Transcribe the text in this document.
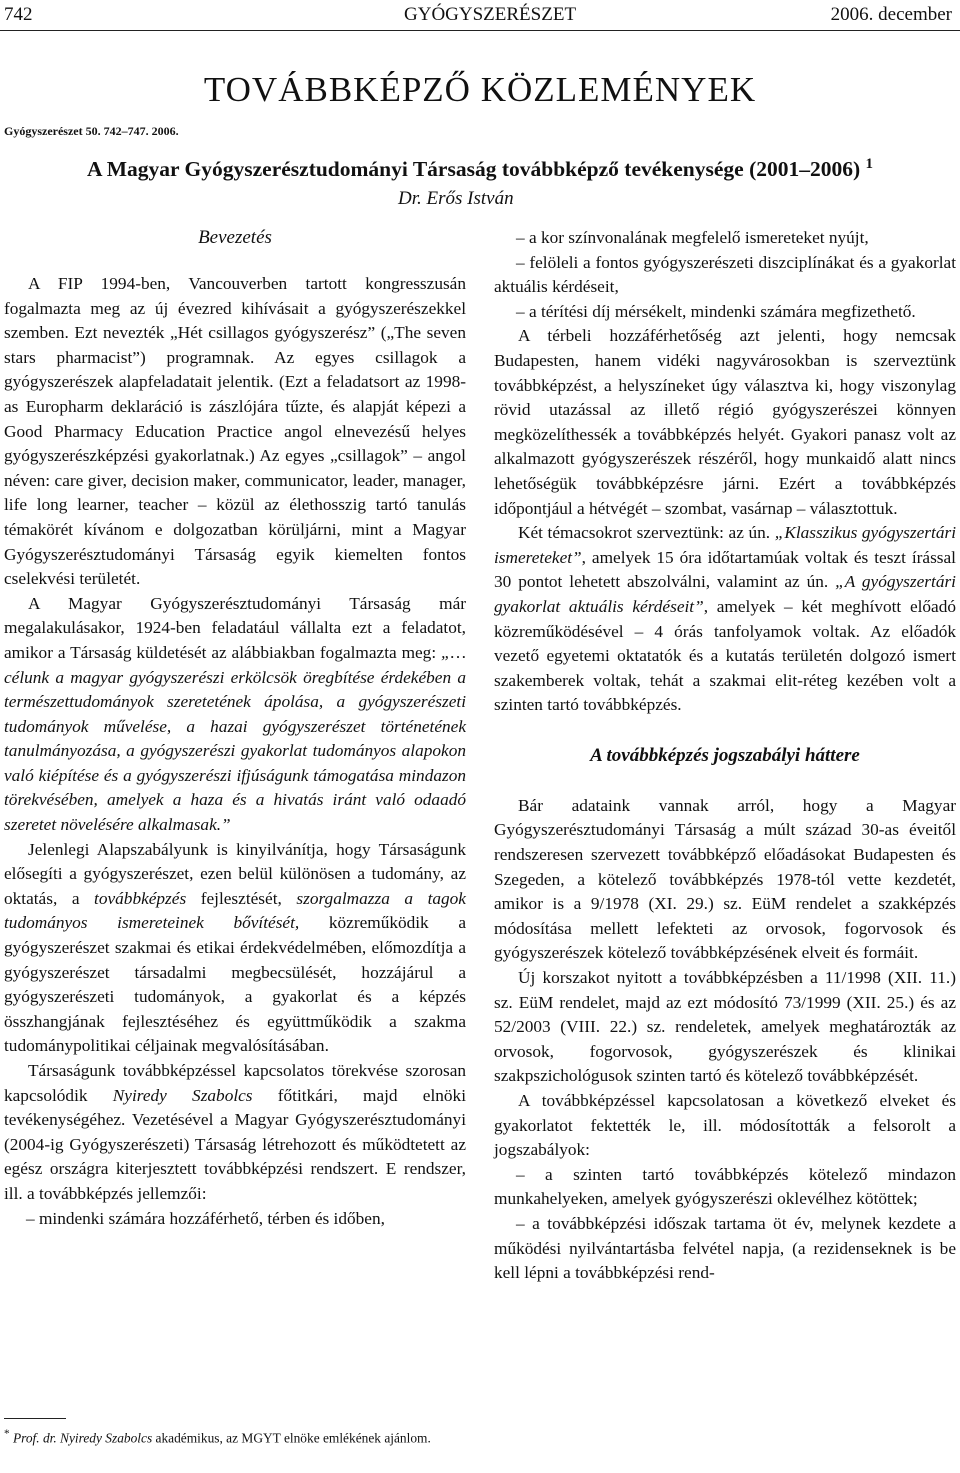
742	GYÓGYSZERÉSZET	2006. december
TOVÁBBKÉPZŐ KÖZLEMÉNYEK
Gyógyszerészet 50. 742–747. 2006.
A Magyar Gyógyszerésztudományi Társaság továbbképző tevékenysége (2001–2006) $^1$
Dr. Erős István
Bevezetés

A FIP 1994-ben, Vancouverben tartott kongresszusán fogalmazta meg az új évezred kihívásait a gyógyszerészekkel szemben. Ezt nevezték „Hét csillagos gyógyszerész” („The seven stars pharmacist”) programnak. Az egyes csillagok a gyógyszerészek alapfeladatait jelentik. (Ezt a feladatsort az 1998-as Europharm deklaráció is zászlójára tűzte, és alapját képezi a Good Pharmacy Education Practice angol elnevezésű helyes gyógyszerészképzési gyakorlatnak.) Az egyes „csillagok” – angol néven: care giver, decision maker, communicator, leader, manager, life long learner, teacher – közül az élethosszig tartó tanulás témakörét kívánom e dolgozatban körüljárni, mint a Magyar Gyógyszerésztudományi Társaság egyik kiemelten fontos cselekvési területét.

A Magyar Gyógyszerésztudományi Társaság már megalakulásakor, 1924-ben feladatául vállalta ezt a feladatot, amikor a Társaság küldetését az alábbiakban fogalmazta meg: „…célunk a magyar gyógyszerészi erkölcsök öregbítése érdekében a természettudományok szeretetének ápolása, a gyógyszerészeti tudományok művelése, a hazai gyógyszerészet történetének tanulmányozása, a gyógyszerészi gyakorlat tudományos alapokon való kiépítése és a gyógyszerészi ifjúságunk támogatása mindazon törekvésében, amelyek a haza és a hivatás iránt való odaadó szeretet növelésére alkalmasak.”

Jelenlegi Alapszabályunk is kinyilvánítja, hogy Társaságunk elősegíti a gyógyszerészet, ezen belül különösen a tudomány, az oktatás, a továbbképzés fejlesztését, szorgalmazza a tagok tudományos ismereteinek bővítését, közreműködik a gyógyszerészet szakmai és etikai érdekvédelmében, előmozdítja a gyógyszerészet társadalmi megbecsülését, hozzájárul a gyógyszerészeti tudományok, a gyakorlat és a képzés összhangjának fejlesztéséhez és együttműködik a szakma tudománypolitikai céljainak megvalósításában.

Társaságunk továbbképzéssel kapcsolatos törekvése szorosan kapcsolódik Nyiredy Szabolcs főtitkári, majd elnöki tevékenységéhez. Vezetésével a Magyar Gyógyszerésztudományi (2004-ig Gyógyszerészeti) Társaság létrehozott és működtetett az egész országra kiterjesztett továbbképzési rendszert. E rendszer, ill. a továbbképzés jellemzői:

– mindenki számára hozzáférhető, térben és időben,

– a kor színvonalának megfelelő ismereteket nyújt,

– felöleli a fontos gyógyszerészeti diszciplínákat és a gyakorlat aktuális kérdéseit,

– a térítési díj mérsékelt, mindenki számára megfizethető.

A térbeli hozzáférhetőség azt jelenti, hogy nemcsak Budapesten, hanem vidéki nagyvárosokban is szerveztünk továbbképzést, a helyszíneket úgy választva ki, hogy viszonylag rövid utazással az illető régió gyógyszerészei könnyen megközelíthessék a továbbképzés helyét. Gyakori panasz volt az alkalmazott gyógyszerészek részéről, hogy munkaidő alatt nincs lehetőségük továbbképzésre járni. Ezért a továbbképzés időpontjául a hétvégét – szombat, vasárnap – választottuk.

Két témacsokrot szerveztünk: az ún. „Klasszikus gyógyszertári ismereteket”, amelyek 15 óra időtartamúak voltak és teszt írással 30 pontot lehetett abszolválni, valamint az ún. „A gyógyszertári gyakorlat aktuális kérdéseit”, amelyek – két meghívott előadó közreműködésével – 4 órás tanfolyamok voltak. Az előadók vezető egyetemi oktatatók és a kutatás területén dolgozó ismert szakemberek voltak, tehát a szakmai elit-réteg kezében volt a szinten tartó továbbképzés.

A továbbképzés jogszabályi háttere

Bár adataink vannak arról, hogy a Magyar Gyógyszerésztudományi Társaság a múlt század 30-as éveitől rendszeresen szervezett továbbképző előadásokat Budapesten és Szegeden, a kötelező továbbképzés 1978-tól vette kezdetét, amikor is a 9/1978 (XI. 29.) sz. EüM rendelet a szakképzés módosítása mellett lefekteti az orvosok, fogorvosok és gyógyszerészek kötelező továbbképzésének elveit és formáit.

Új korszakot nyitott a továbbképzésben a 11/1998 (XII. 11.) sz. EüM rendelet, majd az ezt módosító 73/1999 (XII. 25.) és az 52/2003 (VIII. 22.) sz. rendeletek, amelyek meghatározták az orvosok, fogorvosok, gyógyszerészek és klinikai szakpszichológusok szinten tartó és kötelező továbbképzését.

A továbbképzéssel kapcsolatosan a következő elveket és gyakorlatot fektették le, ill. módosították a felsorolt a jogszabályok:

– a szinten tartó továbbképzés kötelező mindazon munkahelyeken, amelyek gyógyszerészi oklevélhez kötöttek;

– a továbbképzési időszak tartama öt év, melynek kezdete a működési nyilvántartásba felvétel napja, (a rezidenseknek is be kell lépni a továbbképzési rend-

* Prof. dr. Nyiredy Szabolcs akadémikus, az MGYT elnöke emlékének ajánlom.
